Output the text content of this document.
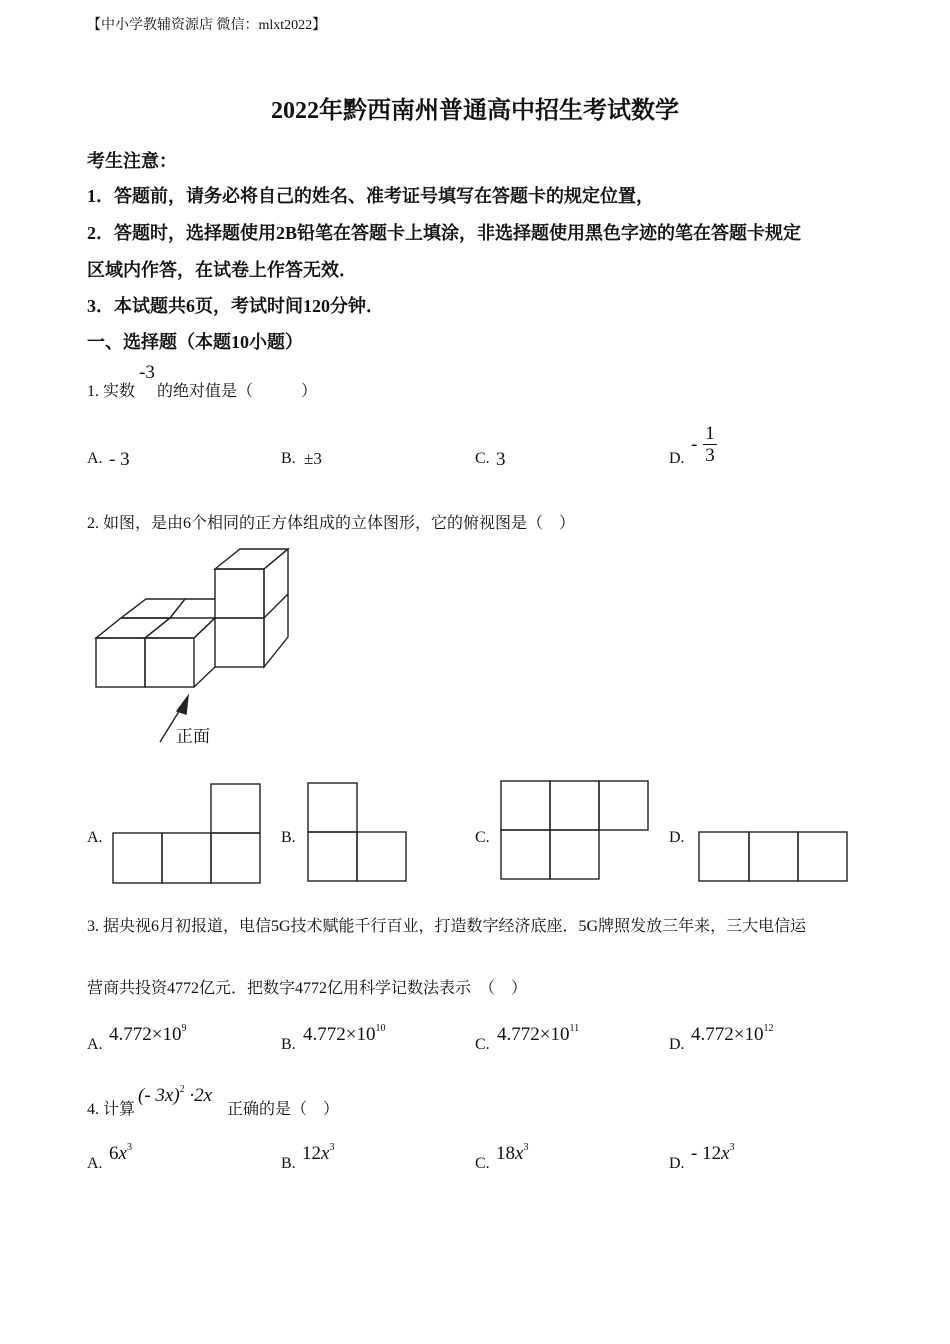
【中小学教辅资源店 微信：mlxt2022】
2022年黔西南州普通高中招生考试数学
考生注意：
1．答题前，请务必将自己的姓名、准考证号填写在答题卡的规定位置，
2．答题时，选择题使用2B铅笔在答题卡上填涂，非选择题使用黑色字迹的笔在答题卡规定
区域内作答，在试卷上作答无效．
3．本试题共6页，考试时间120分钟．
一、选择题（本题10小题）
1. 实数
-3
的绝对值是（　　　）
A. - 3	B. ±3	C. 3	D.
- $\frac{1}{3}$
2. 如图，是由6个相同的正方体组成的立体图形，它的俯视图是（　）
正面
A.	B.	C.	D.
3. 据央视6月初报道，电信5G技术赋能千行百业，打造数字经济底座．5G牌照发放三年来，三大电信运
营商共投资4772亿元．把数字4772亿用科学记数法表示　（　）
A. $4.772\times 10^9$
B. $4.772\times 10^{10}$
C. $4.772\times 10^{11}$
D. $4.772\times 10^{12}$
4. 计算
(- 3x)$^2$ ·2x
正确的是（　）
A. $6x^3$
B. $12x^3$
C. $18x^3$
D. - $12x^3$
